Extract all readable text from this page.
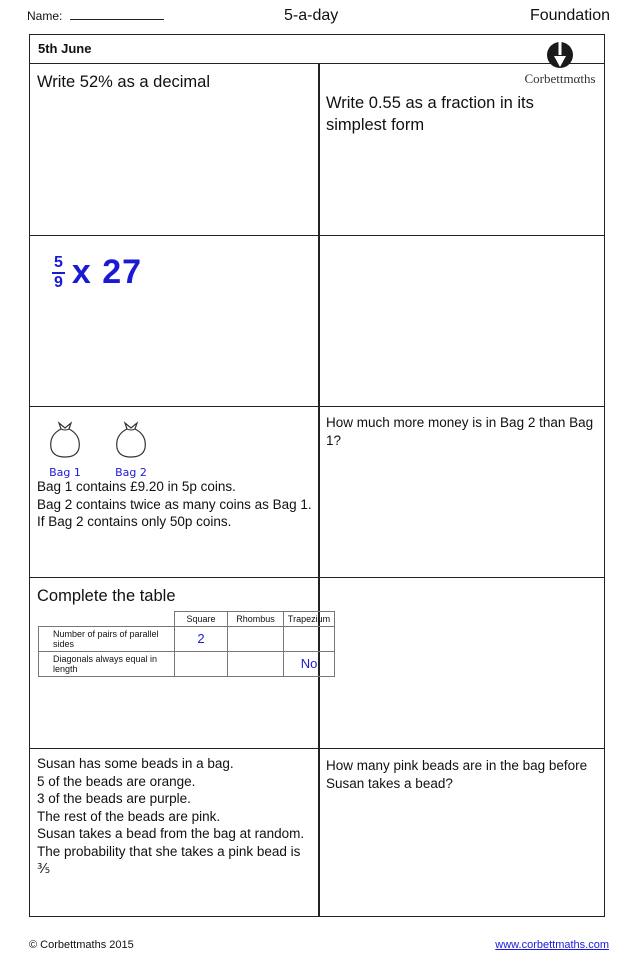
Name:	5-a-day	Foundation
5th June
Corbettmαths
Write 52% as a decimal
Write 0.55 as a fraction in its simplest form
$\frac{5}{9}$ x 27
Bag 1	Bag 2
Bag 1 contains £9.20 in 5p coins.
Bag 2 contains twice as many coins as Bag 1.
If Bag 2 contains only 50p coins.
How much more money is in Bag 2 than Bag 1?
Complete the table
	Square	Rhombus	Trapezium
Number of pairs of parallel sides	2		
Diagonals always equal in length			No
Susan has some beads in a bag.
5 of the beads are orange.
3 of the beads are purple.
The rest of the beads are pink.
Susan takes a bead from the bag at random.
The probability that she takes a pink bead is ⅗
How many pink beads are in the bag before Susan takes a bead?
© Corbettmaths 2015	www.corbettmaths.com
